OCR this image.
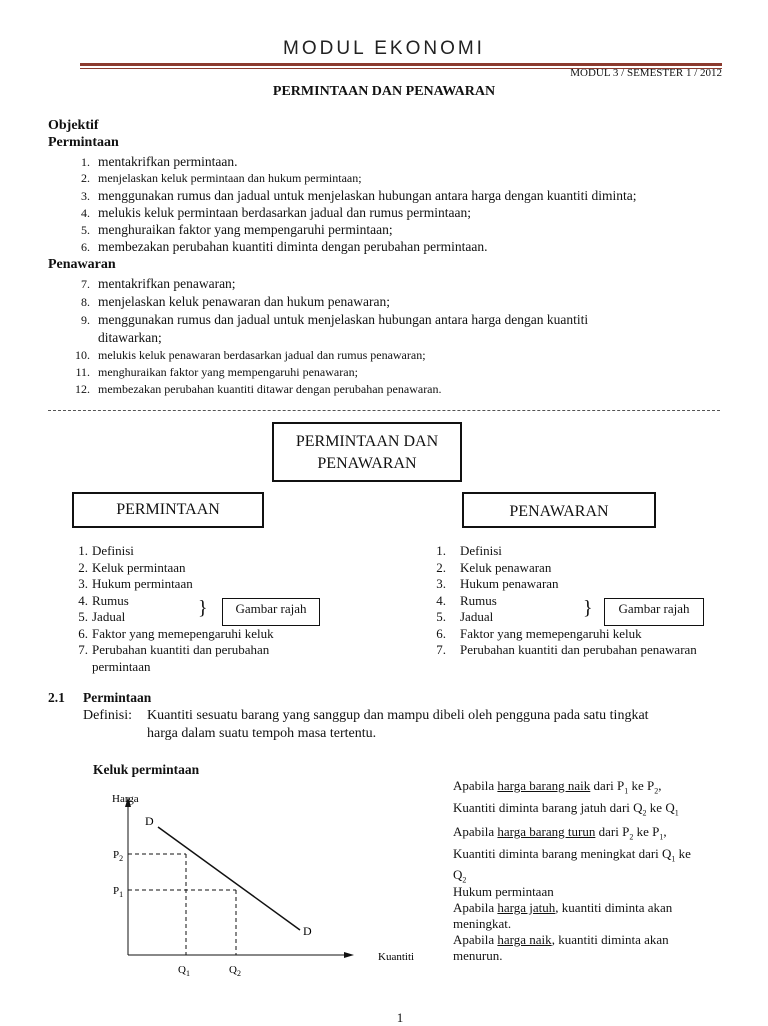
MODUL EKONOMI
MODUL 3 / SEMESTER 1 / 2012
PERMINTAAN DAN PENAWARAN
Objektif
Permintaan
1. mentakrifkan permintaan.
2. menjelaskan keluk permintaan dan hukum permintaan;
3. menggunakan rumus dan jadual untuk menjelaskan hubungan antara harga dengan kuantiti diminta;
4. melukis keluk permintaan berdasarkan jadual dan rumus permintaan;
5. menghuraikan faktor yang mempengaruhi permintaan;
6. membezakan perubahan kuantiti diminta dengan perubahan permintaan.
Penawaran
7. mentakrifkan penawaran;
8. menjelaskan keluk penawaran dan hukum penawaran;
9. menggunakan rumus dan jadual untuk menjelaskan hubungan antara harga dengan kuantiti
ditawarkan;
10. melukis keluk penawaran berdasarkan jadual dan rumus penawaran;
11. menghuraikan faktor yang mempengaruhi penawaran;
12. membezakan perubahan kuantiti ditawar dengan perubahan penawaran.
PERMINTAAN DAN
PENAWARAN
PERMINTAAN	PENAWARAN
1. Definisi
2. Keluk permintaan
3. Hukum permintaan
4. Rumus
5. Jadual
6. Faktor yang memepengaruhi keluk
7. Perubahan kuantiti dan perubahan
permintaan
}	Gambar rajah
1. Definisi
2. Keluk penawaran
3. Hukum penawaran
4. Rumus
5. Jadual
6. Faktor yang memepengaruhi keluk
7. Perubahan kuantiti dan perubahan penawaran
}	Gambar rajah
2.1 Permintaan
Definisi: Kuantiti sesuatu barang yang sanggup dan mampu dibeli oleh pengguna pada satu tingkat
harga dalam suatu tempoh masa tertentu.
Keluk permintaan
Harga
D
D
$P_2$
$P_1$
$Q_1$	$Q_2$
Kuantiti
Apabila harga barang naik dari $P_1$ ke $P_2$,
Kuantiti diminta barang jatuh dari $Q_2$ ke $Q_1$
Apabila harga barang turun dari $P_2$ ke $P_1$,
Kuantiti diminta barang meningkat dari $Q_1$ ke
$Q_2$
Hukum permintaan
Apabila harga jatuh, kuantiti diminta akan
meningkat.
Apabila harga naik, kuantiti diminta akan
menurun.
1
